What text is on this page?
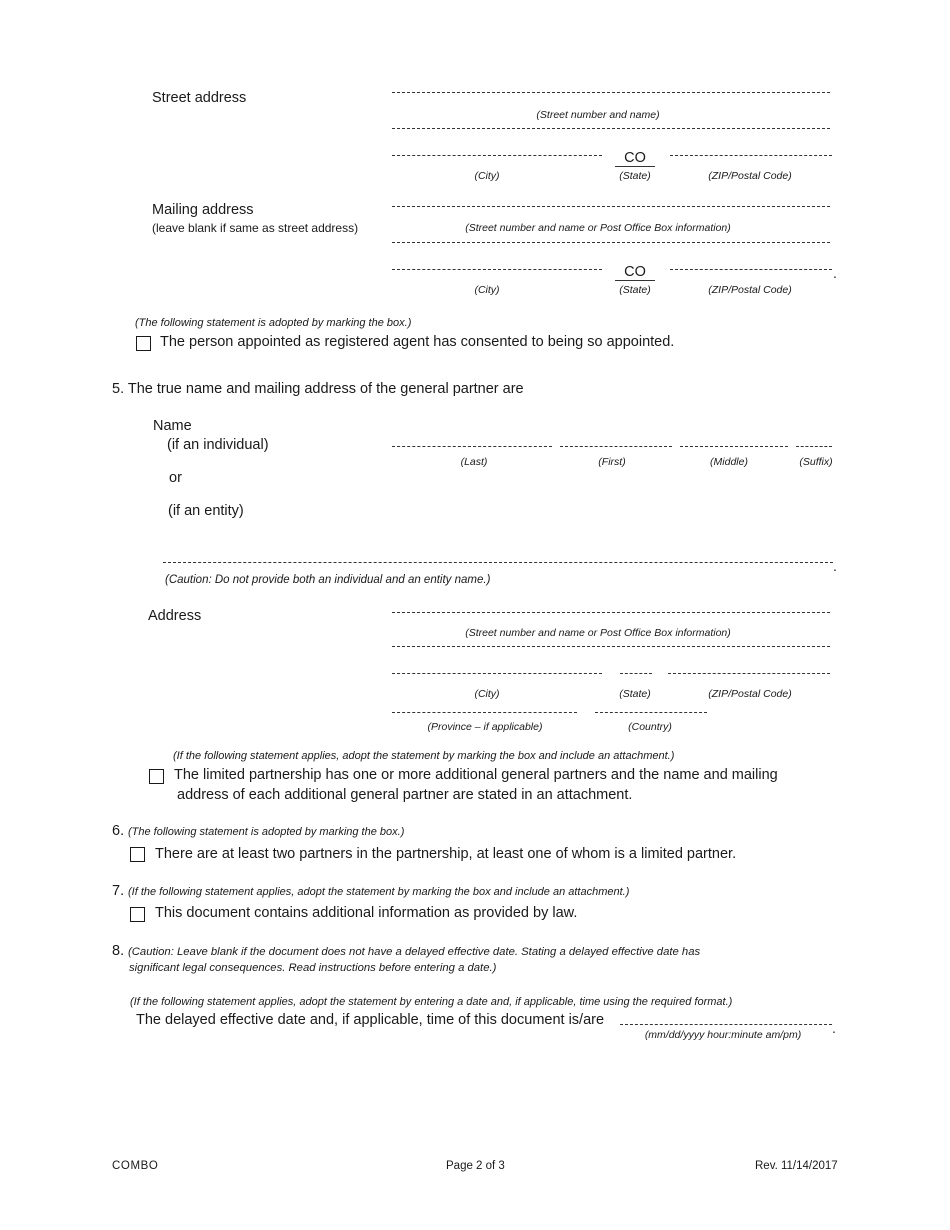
Street address
(Street number and name)
CO
(City)	(State)	(ZIP/Postal Code)
Mailing address
(leave blank if same as street address)	(Street number and name or Post Office Box information)
CO	.
(City)	(State)	(ZIP/Postal Code)
(The following statement is adopted by marking the box.)
The person appointed as registered agent has consented to being so appointed.
5. The true name and mailing address of the general partner are
Name
(if an individual)
(Last)	(First)	(Middle)	(Suffix)
or
(if an entity)
.
(Caution: Do not provide both an individual and an entity name.)
Address
(Street number and name or Post Office Box information)
(City)	(State)	(ZIP/Postal Code)
(Province – if applicable)	(Country)
(If the following statement applies, adopt the statement by marking the box and include an attachment.)
The limited partnership has one or more additional general partners and the name and mailing
address of each additional general partner are stated in an attachment.
6. (The following statement is adopted by marking the box.)
There are at least two partners in the partnership, at least one of whom is a limited partner.
7. (If the following statement applies, adopt the statement by marking the box and include an attachment.)
This document contains additional information as provided by law.
8. (Caution: Leave blank if the document does not have a delayed effective date. Stating a delayed effective date has
significant legal consequences. Read instructions before entering a date.)
(If the following statement applies, adopt the statement by entering a date and, if applicable, time using the required format.)
The delayed effective date and, if applicable, time of this document is/are	.
(mm/dd/yyyy hour:minute am/pm)
COMBO	Page 2 of 3	Rev. 11/14/2017
